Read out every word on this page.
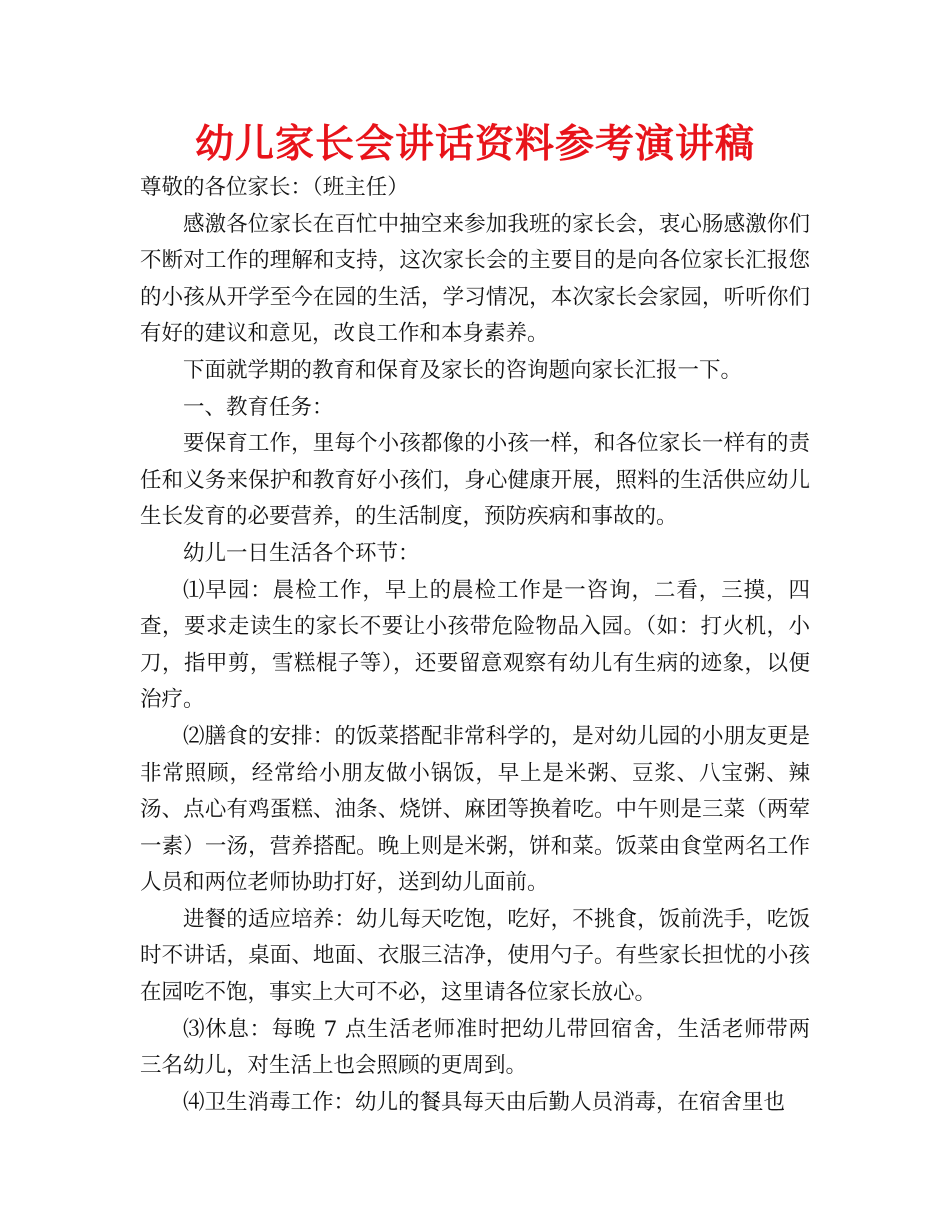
幼儿家长会讲话资料参考演讲稿

尊敬的各位家长：（班主任）

感激各位家长在百忙中抽空来参加我班的家长会，衷心肠感激你们不断对工作的理解和支持，这次家长会的主要目的是向各位家长汇报您的小孩从开学至今在园的生活，学习情况，本次家长会家园，听听你们有好的建议和意见，改良工作和本身素养。

下面就学期的教育和保育及家长的咨询题向家长汇报一下。

一、教育任务：

要保育工作，里每个小孩都像的小孩一样，和各位家长一样有的责任和义务来保护和教育好小孩们，身心健康开展，照料的生活供应幼儿生长发育的必要营养，的生活制度，预防疾病和事故的。

幼儿一日生活各个环节：

⑴早园：晨检工作，早上的晨检工作是一咨询，二看，三摸，四查，要求走读生的家长不要让小孩带危险物品入园。（如：打火机，小刀，指甲剪，雪糕棍子等），还要留意观察有幼儿有生病的迹象，以便治疗。

⑵膳食的安排：的饭菜搭配非常科学的，是对幼儿园的小朋友更是非常照顾，经常给小朋友做小锅饭，早上是米粥、豆浆、八宝粥、辣汤、点心有鸡蛋糕、油条、烧饼、麻团等换着吃。中午则是三菜（两荤一素）一汤，营养搭配。晚上则是米粥，饼和菜。饭菜由食堂两名工作人员和两位老师协助打好，送到幼儿面前。

进餐的适应培养：幼儿每天吃饱，吃好，不挑食，饭前洗手，吃饭时不讲话，桌面、地面、衣服三洁净，使用勺子。有些家长担忧的小孩在园吃不饱，事实上大可不必，这里请各位家长放心。

⑶休息：每晚 7 点生活老师准时把幼儿带回宿舍，生活老师带两三名幼儿，对生活上也会照顾的更周到。

⑷卫生消毒工作：幼儿的餐具每天由后勤人员消毒，在宿舍里也
